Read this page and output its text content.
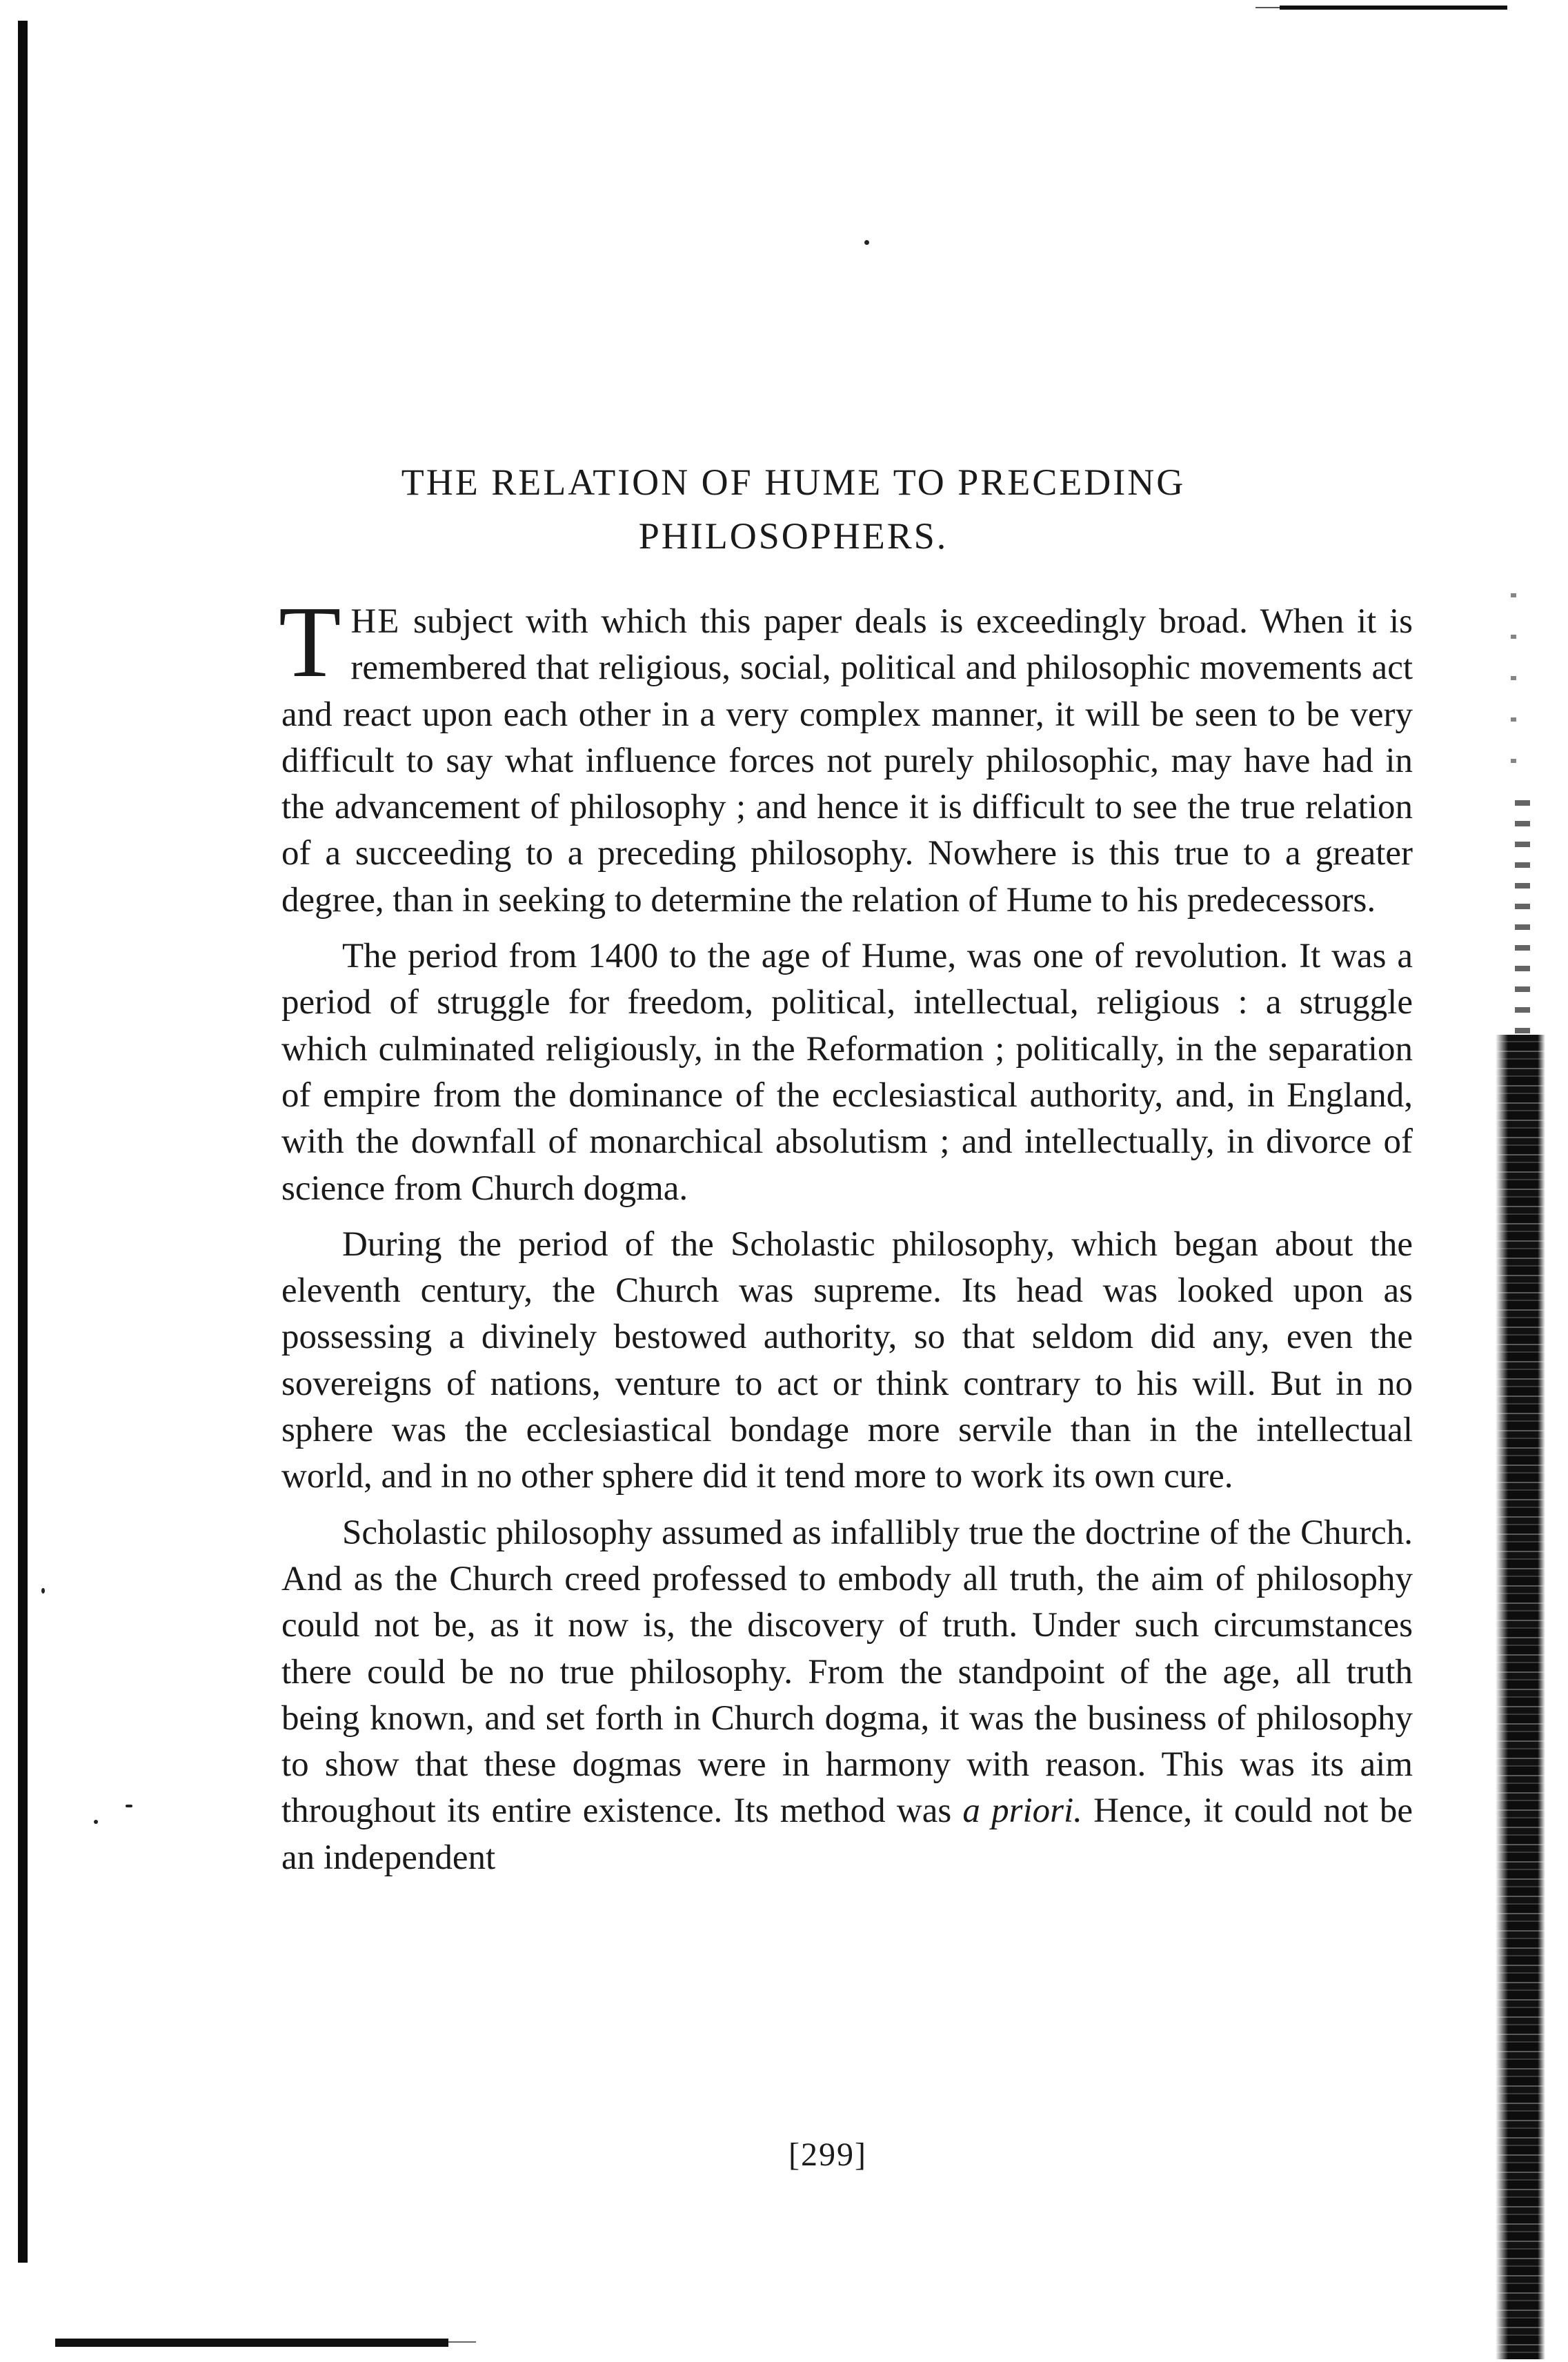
THE RELATION OF HUME TO PRECEDING
PHILOSOPHERS.

THE subject with which this paper deals is exceedingly broad. When it is remembered that religious, social, political and philosophic movements act and react upon each other in a very complex manner, it will be seen to be very difficult to say what influence forces not purely philosophic, may have had in the advancement of philosophy ; and hence it is difficult to see the true relation of a succeeding to a preceding philosophy. Nowhere is this true to a greater degree, than in seeking to determine the relation of Hume to his predecessors.

The period from 1400 to the age of Hume, was one of revolution. It was a period of struggle for freedom, political, intellectual, religious : a struggle which culminated religiously, in the Reformation ; politically, in the separation of empire from the dominance of the ecclesiastical authority, and, in England, with the downfall of monarchical absolutism ; and intellectually, in divorce of science from Church dogma.

During the period of the Scholastic philosophy, which began about the eleventh century, the Church was supreme. Its head was looked upon as possessing a divinely bestowed authority, so that seldom did any, even the sovereigns of nations, venture to act or think contrary to his will. But in no sphere was the ecclesiastical bondage more servile than in the intellectual world, and in no other sphere did it tend more to work its own cure.

Scholastic philosophy assumed as infallibly true the doctrine of the Church. And as the Church creed professed to embody all truth, the aim of philosophy could not be, as it now is, the discovery of truth. Under such circumstances there could be no true philosophy. From the standpoint of the age, all truth being known, and set forth in Church dogma, it was the business of philosophy to show that these dogmas were in harmony with reason. This was its aim throughout its entire existence. Its method was a priori. Hence, it could not be an independent

[299]
